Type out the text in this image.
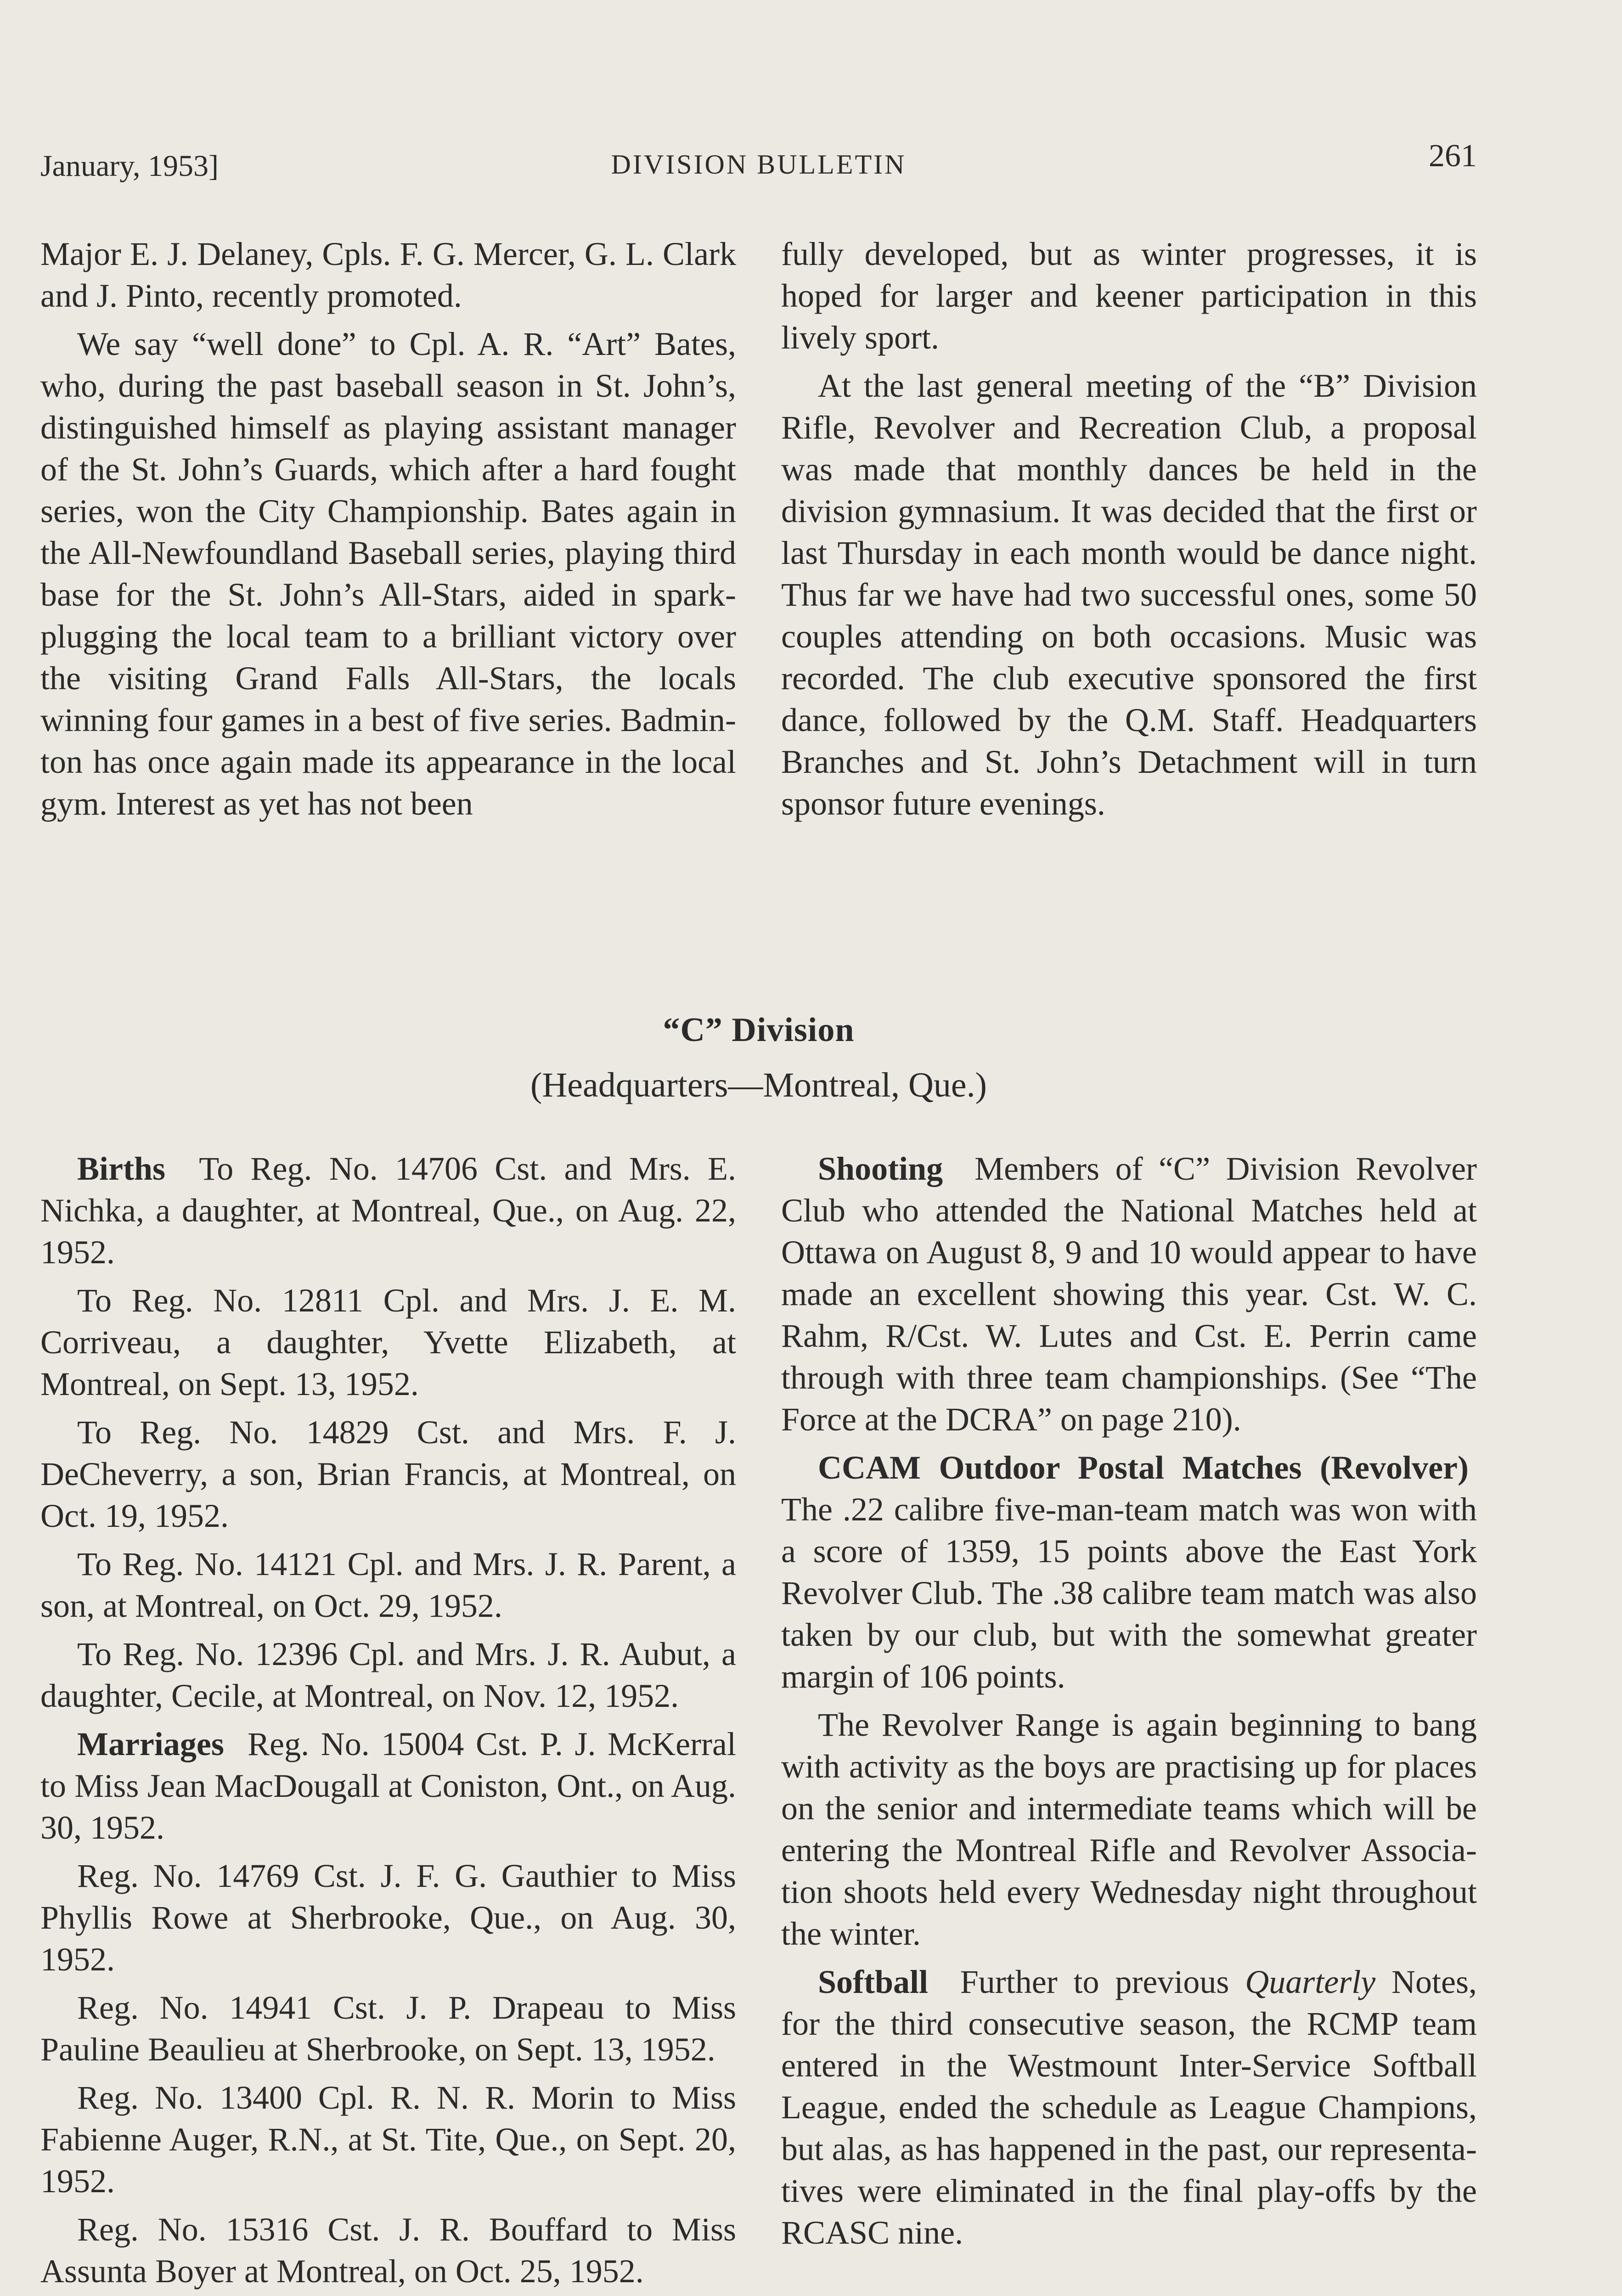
January, 1953]	DIVISION BULLETIN	261

Major E. J. Delaney, Cpls. F. G. Mercer, G. L. Clark and J. Pinto, recently promoted.

We say “well done” to Cpl. A. R. “Art” Bates, who, during the past baseball season in St. John’s, distinguished himself as playing assistant manager of the St. John’s Guards, which after a hard fought series, won the City Championship. Bates again in the All-Newfoundland Baseball series, playing third base for the St. John’s All-Stars, aided in spark-plugging the local team to a brilliant victory over the visiting Grand Falls All-Stars, the locals winning four games in a best of five series. Badminton has once again made its appearance in the local gym. Interest as yet has not been

fully developed, but as winter progresses, it is hoped for larger and keener participation in this lively sport.

At the last general meeting of the “B” Division Rifle, Revolver and Recreation Club, a proposal was made that monthly dances be held in the division gymnasium. It was decided that the first or last Thursday in each month would be dance night. Thus far we have had two successful ones, some 50 couples attending on both occasions. Music was recorded. The club executive sponsored the first dance, followed by the Q.M. Staff. Headquarters Branches and St. John’s Detachment will in turn sponsor future evenings.

“C” Division
(Headquarters—Montreal, Que.)

Births To Reg. No. 14706 Cst. and Mrs. E. Nichka, a daughter, at Montreal, Que., on Aug. 22, 1952.

To Reg. No. 12811 Cpl. and Mrs. J. E. M. Corriveau, a daughter, Yvette Elizabeth, at Montreal, on Sept. 13, 1952.

To Reg. No. 14829 Cst. and Mrs. F. J. DeCheverry, a son, Brian Francis, at Montreal, on Oct. 19, 1952.

To Reg. No. 14121 Cpl. and Mrs. J. R. Parent, a son, at Montreal, on Oct. 29, 1952.

To Reg. No. 12396 Cpl. and Mrs. J. R. Aubut, a daughter, Cecile, at Montreal, on Nov. 12, 1952.

Marriages Reg. No. 15004 Cst. P. J. McKerral to Miss Jean MacDougall at Coniston, Ont., on Aug. 30, 1952.

Reg. No. 14769 Cst. J. F. G. Gauthier to Miss Phyllis Rowe at Sherbrooke, Que., on Aug. 30, 1952.

Reg. No. 14941 Cst. J. P. Drapeau to Miss Pauline Beaulieu at Sherbrooke, on Sept. 13, 1952.

Reg. No. 13400 Cpl. R. N. R. Morin to Miss Fabienne Auger, R.N., at St. Tite, Que., on Sept. 20, 1952.

Reg. No. 15316 Cst. J. R. Bouffard to Miss Assunta Boyer at Montreal, on Oct. 25, 1952.

Shooting Members of “C” Division Revolver Club who attended the National Matches held at Ottawa on August 8, 9 and 10 would appear to have made an excellent showing this year. Cst. W. C. Rahm, R/Cst. W. Lutes and Cst. E. Perrin came through with three team championships. (See “The Force at the DCRA” on page 210).

CCAM Outdoor Postal Matches (Revolver)  The .22 calibre five-man-team match was won with a score of 1359, 15 points above the East York Revolver Club. The .38 calibre team match was also taken by our club, but with the somewhat greater margin of 106 points.

The Revolver Range is again beginning to bang with activity as the boys are practising up for places on the senior and intermediate teams which will be entering the Montreal Rifle and Revolver Association shoots held every Wednesday night throughout the winter.

Softball Further to previous Quarterly Notes, for the third consecutive season, the RCMP team entered in the Westmount Inter-Service Softball League, ended the schedule as League Champions, but alas, as has happened in the past, our representatives were eliminated in the final play-offs by the RCASC nine.
